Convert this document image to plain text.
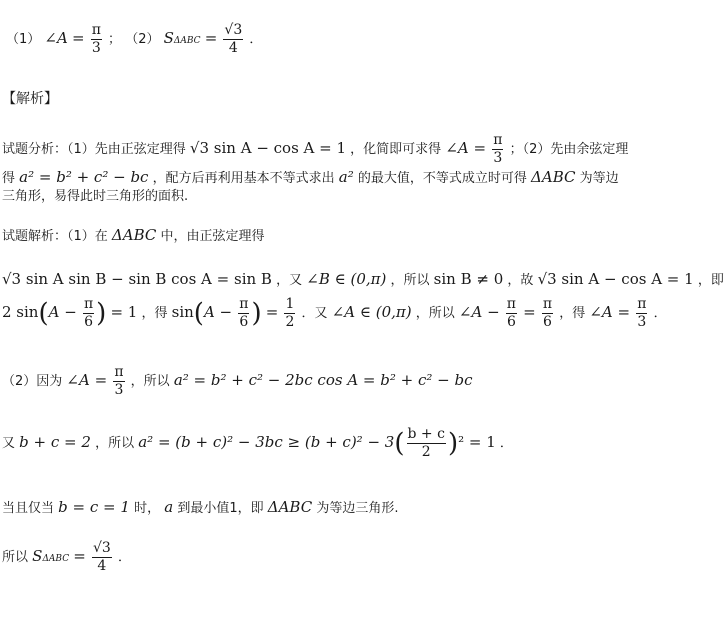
（1） ∠A = $\frac{\pi}{3}$ ； （2） $S\Delta ABC = \frac{√3}{4}$ ．
【解析】
试题分析：（1）先由正弦定理得 √3 sin A − cos A = 1 ，化简即可求得 ∠A = $\frac{\pi}{3}$ ；（2）先由余弦定理
得 a² = b² + c² − bc ，配方后再利用基本不等式求出 a² 的最大值，不等式成立时可得 ΔABC 为等边
三角形，易得此时三角形的面积.
试题解析：（1）在 ΔABC 中，由正弦定理得
√3 sin A sin B − sin B cos A = sin B ，又 ∠B ∈ (0,π) ，所以 sin B ≠ 0 ，故 √3 sin A − cos A = 1 ，即
2 $\sin(A - \frac{\pi}{6}$ ) = 1 ，得 $\sin(A - \frac{\pi}{6}$ ) = $\frac{1}{2}$ ．又 ∠A ∈ (0,π) ，所以 ∠A − $\frac{\pi}{6} = \frac{\pi}{6}$ ，得 ∠A = $\frac{\pi}{3}$ ．
（2）因为 ∠A = $\frac{\pi}{3}$ ，所以 a² = b² + c² − 2bc cos A = b² + c² − bc
又 b + c = 2 ，所以 $a^2 = (b + c)^2 - 3bc \ge (b + c)^2 - 3( \frac{b + c}{2} )^2 = 1$ ．
当且仅当 b = c = 1 时， a 到最小值1，即 ΔABC 为等边三角形.
所以 $S\Delta ABC = \frac{√3}{4}$ ．
